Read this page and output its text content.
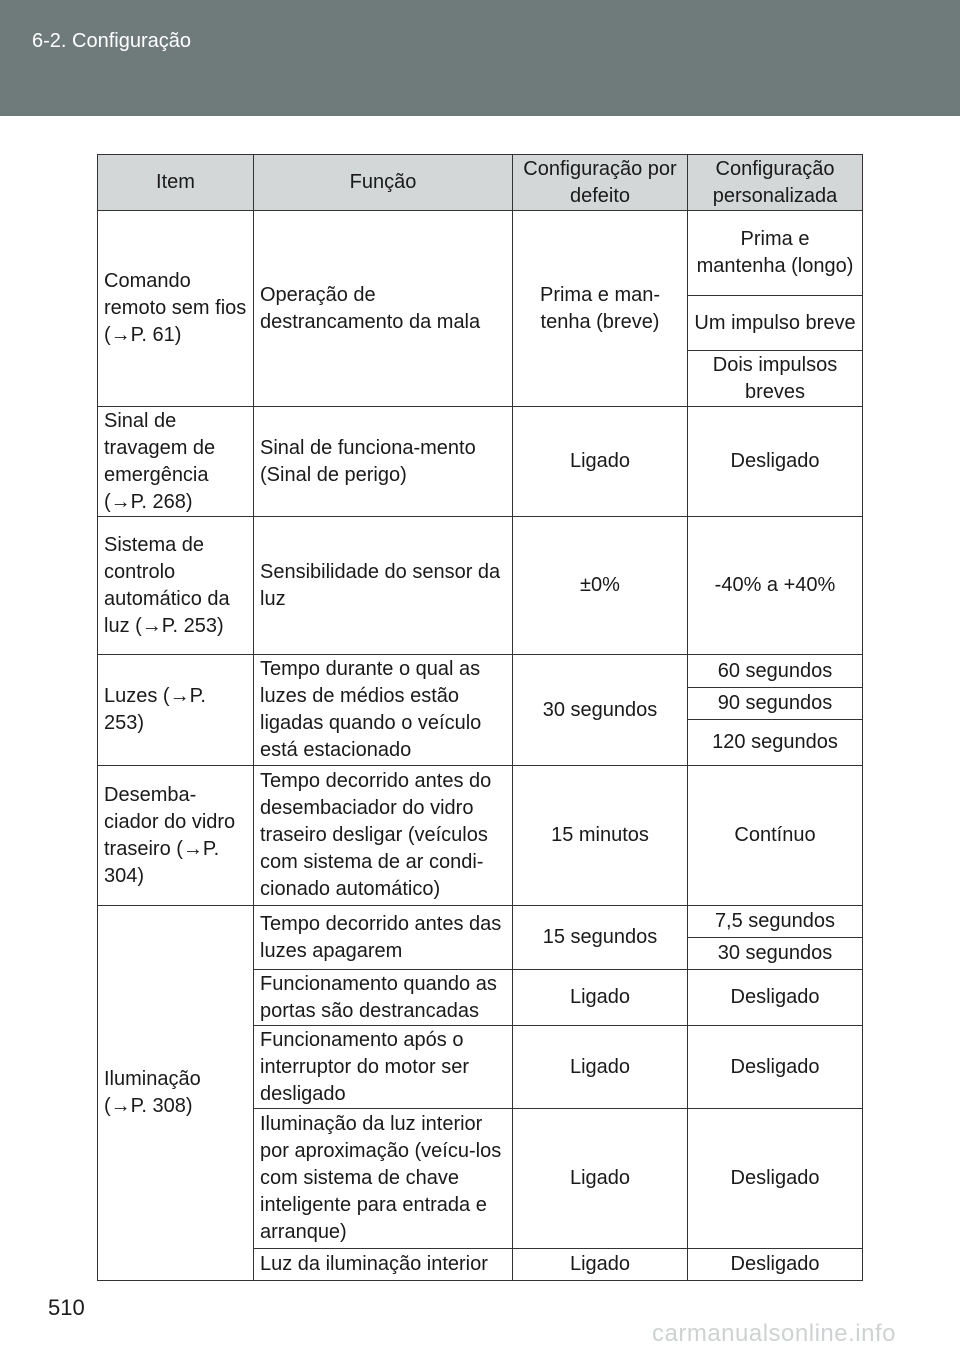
6-2. Configuração
Item	Função	Configuração por defeito	Configuração personalizada
Comando remoto sem fios (→P. 61)	Operação de destrancamento da mala	Prima e man-tenha (breve)	Prima e mantenha (longo)
			Um impulso breve
			Dois impulsos breves
Sinal de travagem de emergência (→P. 268)	Sinal de funciona-mento (Sinal de perigo)	Ligado	Desligado
Sistema de controlo automático da luz (→P. 253)	Sensibilidade do sensor da luz	±0%	-40% a +40%
Luzes (→P. 253)	Tempo durante o qual as luzes de médios estão ligadas quando o veículo está estacionado	30 segundos	60 segundos
			90 segundos
			120 segundos
Desemba-ciador do vidro traseiro (→P. 304)	Tempo decorrido antes do desembaciador do vidro traseiro desligar (veículos com sistema de ar condi-cionado automático)	15 minutos	Contínuo
Iluminação (→P. 308)	Tempo decorrido antes das luzes apagarem	15 segundos	7,5 segundos
			30 segundos
	Funcionamento quando as portas são destrancadas	Ligado	Desligado
	Funcionamento após o interruptor do motor ser desligado	Ligado	Desligado
	Iluminação da luz interior por aproximação (veícu-los com sistema de chave inteligente para entrada e arranque)	Ligado	Desligado
	Luz da iluminação interior	Ligado	Desligado
510
carmanualsonline.info
